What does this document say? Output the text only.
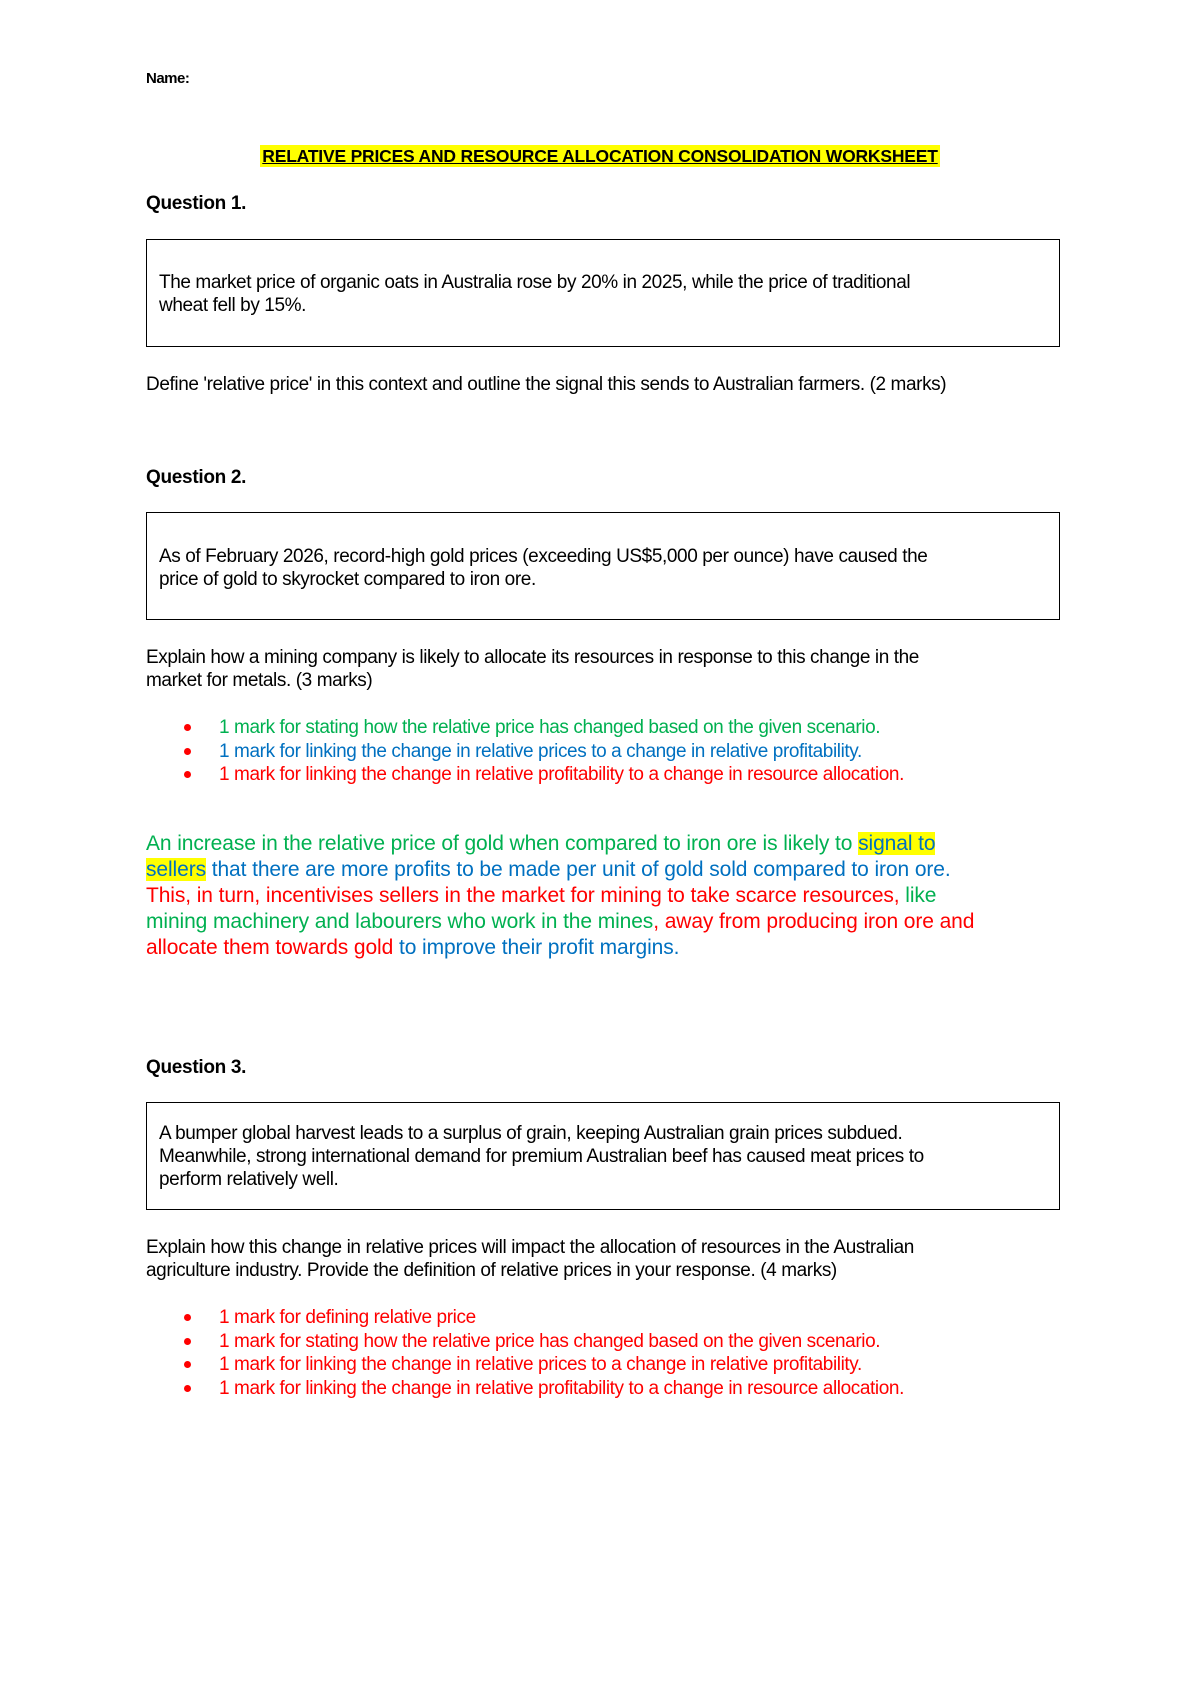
Name:
RELATIVE PRICES AND RESOURCE ALLOCATION CONSOLIDATION WORKSHEET
Question 1.
The market price of organic oats in Australia rose by 20% in 2025, while the price of traditional
wheat fell by 15%.
Define 'relative price' in this context and outline the signal this sends to Australian farmers. (2 marks)
Question 2.
As of February 2026, record-high gold prices (exceeding US$5,000 per ounce) have caused the
price of gold to skyrocket compared to iron ore.
Explain how a mining company is likely to allocate its resources in response to this change in the
market for metals. (3 marks)
1 mark for stating how the relative price has changed based on the given scenario.
1 mark for linking the change in relative prices to a change in relative profitability.
1 mark for linking the change in relative profitability to a change in resource allocation.
An increase in the relative price of gold when compared to iron ore is likely to signal to
sellers that there are more profits to be made per unit of gold sold compared to iron ore.
This, in turn, incentivises sellers in the market for mining to take scarce resources, like
mining machinery and labourers who work in the mines, away from producing iron ore and
allocate them towards gold to improve their profit margins.
Question 3.
A bumper global harvest leads to a surplus of grain, keeping Australian grain prices subdued.
Meanwhile, strong international demand for premium Australian beef has caused meat prices to
perform relatively well.
Explain how this change in relative prices will impact the allocation of resources in the Australian
agriculture industry. Provide the definition of relative prices in your response. (4 marks)
1 mark for defining relative price
1 mark for stating how the relative price has changed based on the given scenario.
1 mark for linking the change in relative prices to a change in relative profitability.
1 mark for linking the change in relative profitability to a change in resource allocation.
